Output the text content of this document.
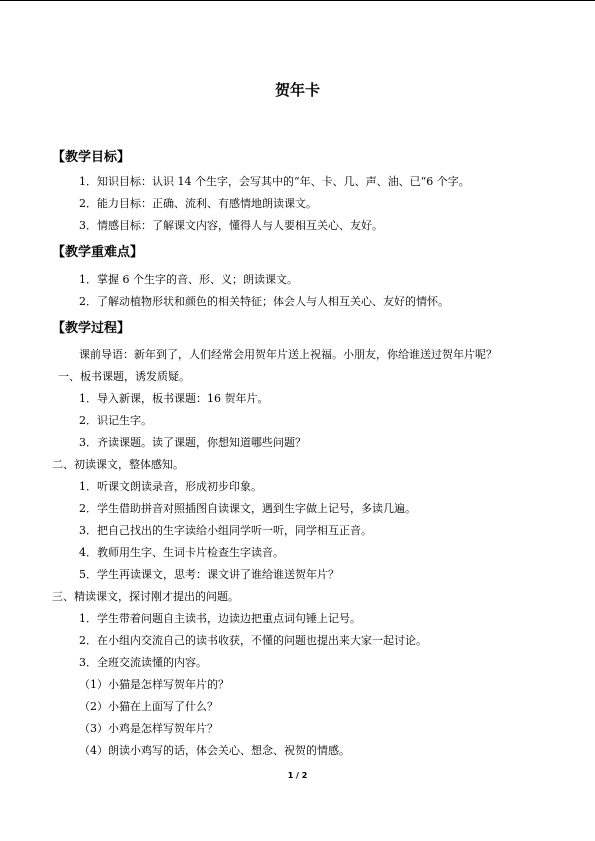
贺年卡
【教学目标】
1．知识目标：认识 14 个生字，会写其中的“年、卡、几、声、油、已“6 个字。
2．能力目标：正确、流利、有感情地朗读课文。
3．情感目标：了解课文内容，懂得人与人要相互关心、友好。
【教学重难点】
1．掌握 6 个生字的音、形、义；朗读课文。
2．了解动植物形状和颜色的相关特征；体会人与人相互关心、友好的情怀。
【教学过程】
课前导语：新年到了，人们经常会用贺年片送上祝福。小朋友，你给谁送过贺年片呢？
一、板书课题，诱发质疑。
1．导入新课，板书课题：16 贺年片。
2．识记生字。
3．齐读课题。读了课题，你想知道哪些问题？
二、初读课文，整体感知。
1．听课文朗读录音，形成初步印象。
2．学生借助拼音对照插图自读课文，遇到生字做上记号，多读几遍。
3．把自己找出的生字读给小组同学听一听，同学相互正音。
4．教师用生字、生词卡片检查生字读音。
5．学生再读课文，思考：课文讲了谁给谁送贺年片？
三、精读课文，探讨刚才提出的问题。
1．学生带着问题自主读书，边读边把重点词句锤上记号。
2．在小组内交流自己的读书收获，不懂的问题也提出来大家一起讨论。
3．全班交流读懂的内容。
（1）小猫是怎样写贺年片的？
（2）小猫在上面写了什么？
（3）小鸡是怎样写贺年片？
（4）朗读小鸡写的话，体会关心、想念、祝贺的情感。
1 / 2
